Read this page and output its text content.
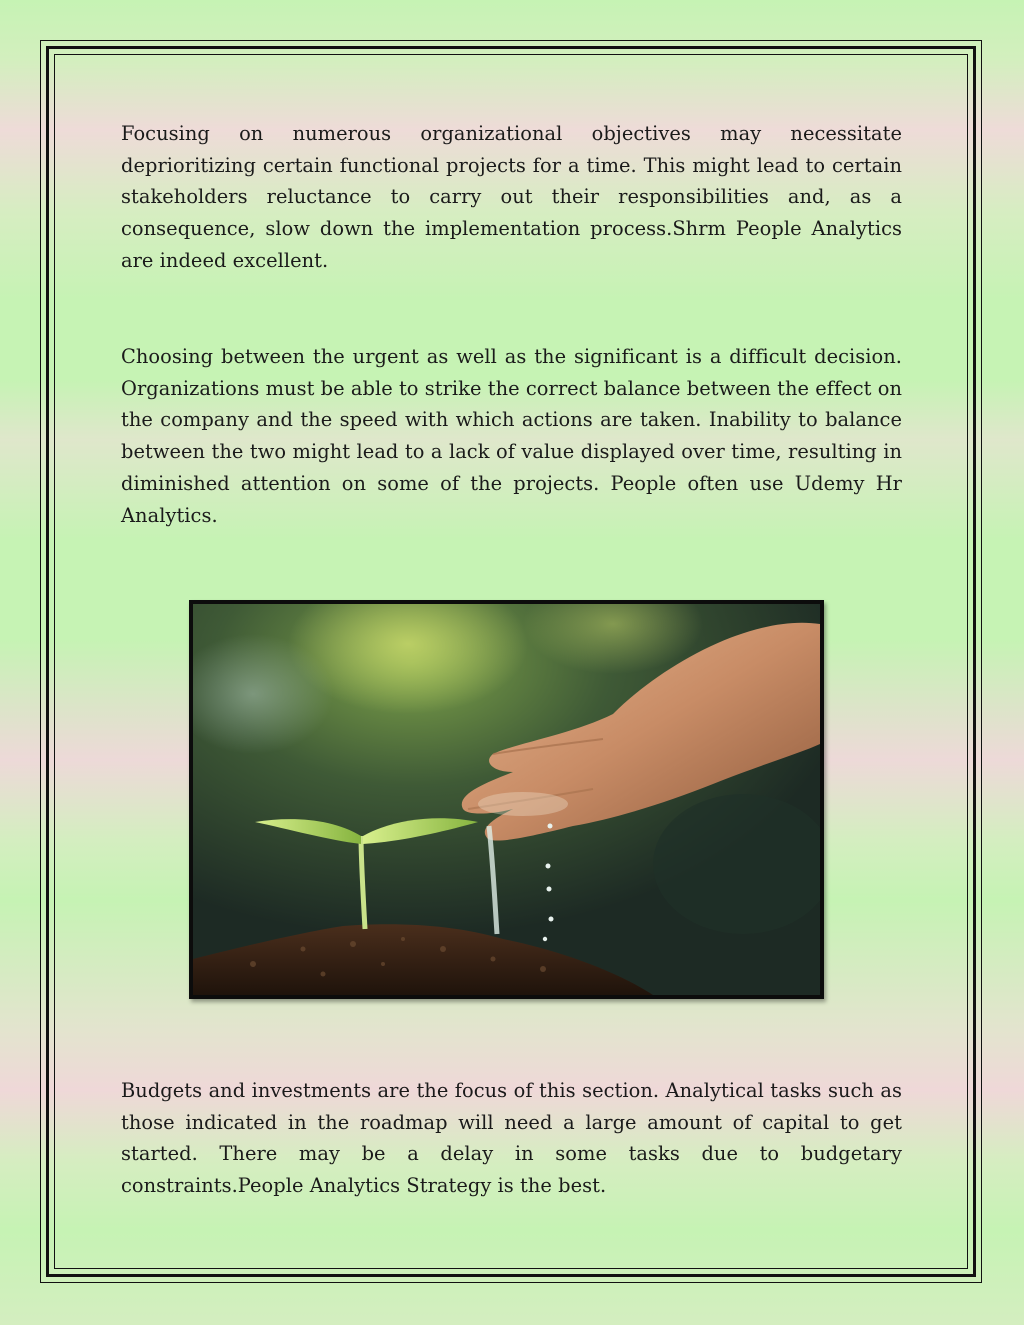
Focusing on numerous organizational objectives may necessitate deprioritizing certain functional projects for a time. This might lead to certain stakeholders reluctance to carry out their responsibilities and, as a consequence, slow down the implementation process.Shrm People Analytics are indeed excellent.

Choosing between the urgent as well as the significant is a difficult decision. Organizations must be able to strike the correct balance between the effect on the company and the speed with which actions are taken. Inability to balance between the two might lead to a lack of value displayed over time, resulting in diminished attention on some of the projects. People often use Udemy Hr Analytics.

Budgets and investments are the focus of this section. Analytical tasks such as those indicated in the roadmap will need a large amount of capital to get started. There may be a delay in some tasks due to budgetary constraints.People Analytics Strategy is the best.
